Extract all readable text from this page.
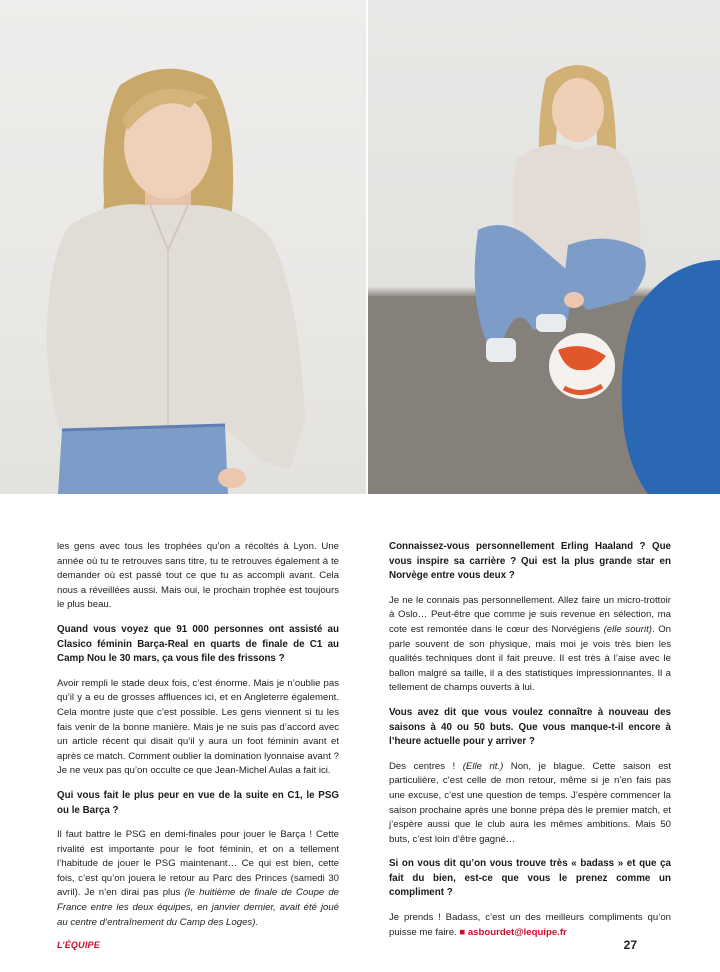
les gens avec tous les trophées qu’on a récoltés à Lyon. Une année où tu te retrouves sans titre, tu te retrouves également à te demander où est passé tout ce que tu as accompli avant. Cela nous a réveillées aussi. Mais oui, le prochain trophée est toujours le plus beau.

Quand vous voyez que 91 000 personnes ont assisté au Clasico féminin Barça-Real en quarts de finale de C1 au Camp Nou le 30 mars, ça vous file des frissons ?

Avoir rempli le stade deux fois, c’est énorme. Mais je n’oublie pas qu’il y a eu de grosses affluences ici, et en Angleterre également. Cela montre juste que c’est possible. Les gens viennent si tu les fais venir de la bonne manière. Mais je ne suis pas d’accord avec un article récent qui disait qu’il y aura un foot féminin avant et après ce match. Comment oublier la domination lyonnaise avant ? Je ne veux pas qu’on occulte ce que Jean-Michel Aulas a fait ici.

Qui vous fait le plus peur en vue de la suite en C1, le PSG ou le Barça ?

Il faut battre le PSG en demi-finales pour jouer le Barça ! Cette rivalité est importante pour le foot féminin, et on a tellement l’habitude de jouer le PSG maintenant… Ce qui est bien, cette fois, c’est qu’on jouera le retour au Parc des Princes (samedi 30 avril). Je n’en dirai pas plus (le huitième de finale de Coupe de France entre les deux équipes, en janvier dernier, avait été joué au centre d’entraînement du Camp des Loges).

Connaissez-vous personnellement Erling Haaland ? Que vous inspire sa carrière ? Qui est la plus grande star en Norvège entre vous deux ?

Je ne le connais pas personnellement. Allez faire un micro-trottoir à Oslo… Peut-être que comme je suis revenue en sélection, ma cote est remontée dans le cœur des Norvégiens (elle sourit). On parle souvent de son physique, mais moi je vois très bien les qualités techniques dont il fait preuve. Il est très à l’aise avec le ballon malgré sa taille, il a des statistiques impressionnantes. Il a tellement de champs ouverts à lui.

Vous avez dit que vous voulez connaître à nouveau des saisons à 40 ou 50 buts. Que vous manque-t-il encore à l’heure actuelle pour y arriver ?

Des centres ! (Elle rit.) Non, je blague. Cette saison est particulière, c’est celle de mon retour, même si je n’en fais pas une excuse, c’est une question de temps. J’espère commencer la saison prochaine après une bonne prépa dès le premier match, et j’espère aussi que le club aura les mêmes ambitions. Mais 50 buts, c’est loin d’être gagné…

Si on vous dit qu’on vous trouve très « badass » et que ça fait du bien, est-ce que vous le prenez comme un compliment ?

Je prends ! Badass, c’est un des meilleurs compliments qu’on puisse me faire. ■ asbourdet@lequipe.fr

L’ÉQUIPE	27
